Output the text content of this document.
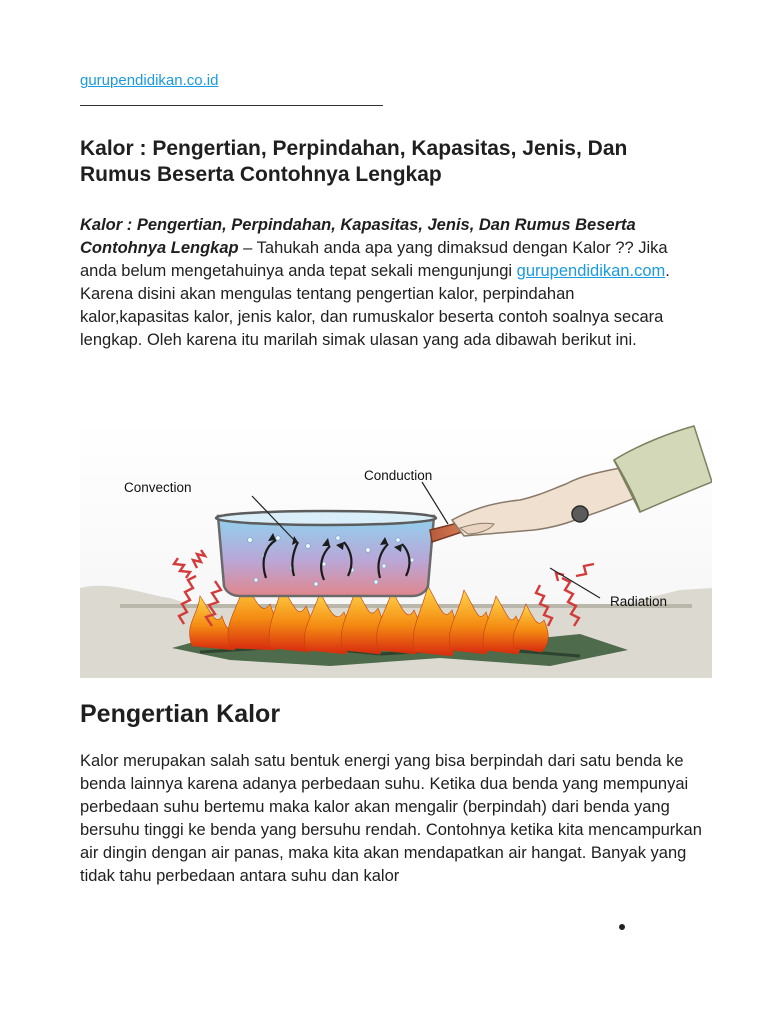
gurupendidikan.co.id
Kalor : Pengertian, Perpindahan, Kapasitas, Jenis, Dan Rumus Beserta Contohnya Lengkap

Kalor : Pengertian, Perpindahan, Kapasitas, Jenis, Dan Rumus Beserta Contohnya Lengkap – Tahukah anda apa yang dimaksud dengan Kalor ?? Jika anda belum mengetahuinya anda tepat sekali mengunjungi gurupendidikan.com. Karena disini akan mengulas tentang pengertian kalor, perpindahan kalor,kapasitas kalor, jenis kalor, dan rumuskalor beserta contoh soalnya secara lengkap. Oleh karena itu marilah simak ulasan yang ada dibawah berikut ini.

Convection
Conduction
Radiation
Pengertian Kalor

Kalor merupakan salah satu bentuk energi yang bisa berpindah dari satu benda ke benda lainnya karena adanya perbedaan suhu. Ketika dua benda yang mempunyai perbedaan suhu bertemu maka kalor akan mengalir (berpindah) dari benda yang bersuhu tinggi ke benda yang bersuhu rendah. Contohnya ketika kita mencampurkan air dingin dengan air panas, maka kita akan mendapatkan air hangat. Banyak yang tidak tahu perbedaan antara suhu dan kalor
